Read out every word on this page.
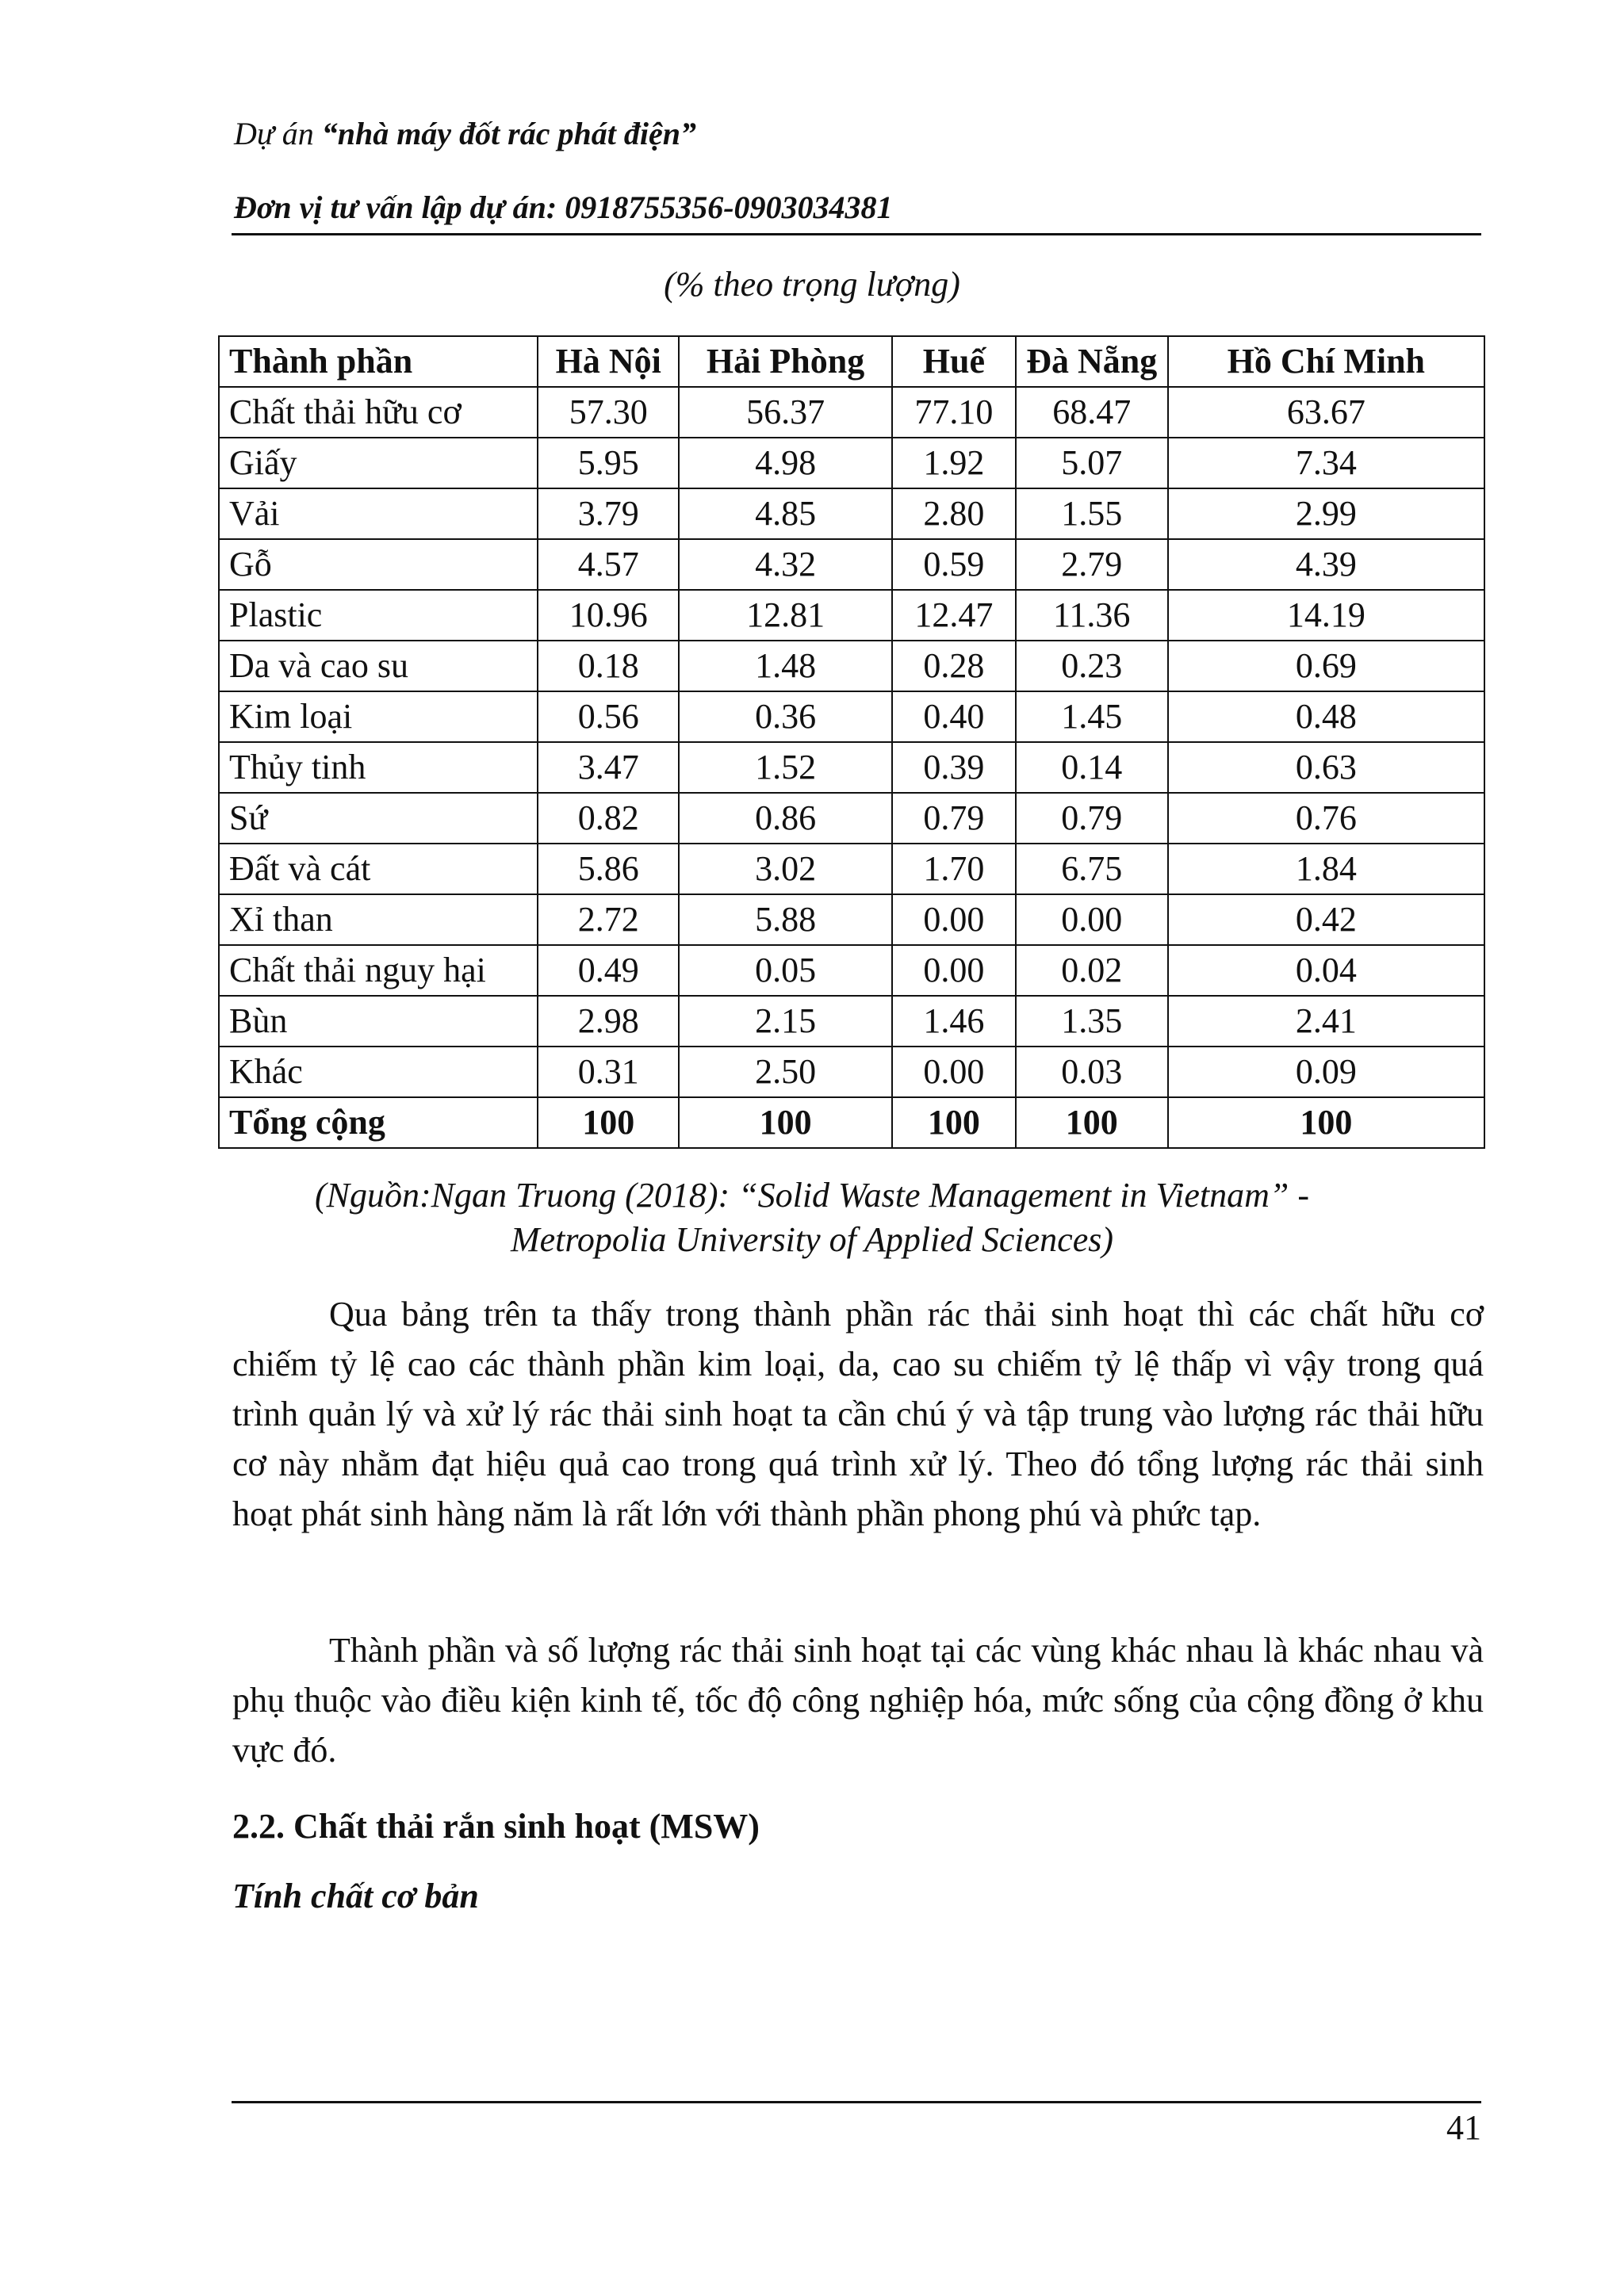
Dự án “nhà máy đốt rác phát điện”
Đơn vị tư vấn lập dự án: 0918755356-0903034381
(% theo trọng lượng)
Thành phần	Hà Nội	Hải Phòng	Huế	Đà Nẵng	Hồ Chí Minh
Chất thải hữu cơ	57.30	56.37	77.10	68.47	63.67
Giấy	5.95	4.98	1.92	5.07	7.34
Vải	3.79	4.85	2.80	1.55	2.99
Gỗ	4.57	4.32	0.59	2.79	4.39
Plastic	10.96	12.81	12.47	11.36	14.19
Da và cao su	0.18	1.48	0.28	0.23	0.69
Kim loại	0.56	0.36	0.40	1.45	0.48
Thủy tinh	3.47	1.52	0.39	0.14	0.63
Sứ	0.82	0.86	0.79	0.79	0.76
Đất và cát	5.86	3.02	1.70	6.75	1.84
Xỉ than	2.72	5.88	0.00	0.00	0.42
Chất thải nguy hại	0.49	0.05	0.00	0.02	0.04
Bùn	2.98	2.15	1.46	1.35	2.41
Khác	0.31	2.50	0.00	0.03	0.09
Tổng cộng	100	100	100	100	100
(Nguồn:Ngan Truong (2018): “Solid Waste Management in Vietnam” -
Metropolia University of Applied Sciences)

Qua bảng trên ta thấy trong thành phần rác thải sinh hoạt thì các chất hữu cơ chiếm tỷ lệ cao các thành phần kim loại, da, cao su chiếm tỷ lệ thấp vì vậy trong quá trình quản lý và xử lý rác thải sinh hoạt ta cần chú ý và tập trung vào lượng rác thải hữu cơ này nhằm đạt hiệu quả cao trong quá trình xử lý. Theo đó tổng lượng rác thải sinh hoạt phát sinh hàng năm là rất lớn với thành phần phong phú và phức tạp.

Thành phần và số lượng rác thải sinh hoạt tại các vùng khác nhau là khác nhau và phụ thuộc vào điều kiện kinh tế, tốc độ công nghiệp hóa, mức sống của cộng đồng ở khu vực đó.

2.2. Chất thải rắn sinh hoạt (MSW)
Tính chất cơ bản
41
